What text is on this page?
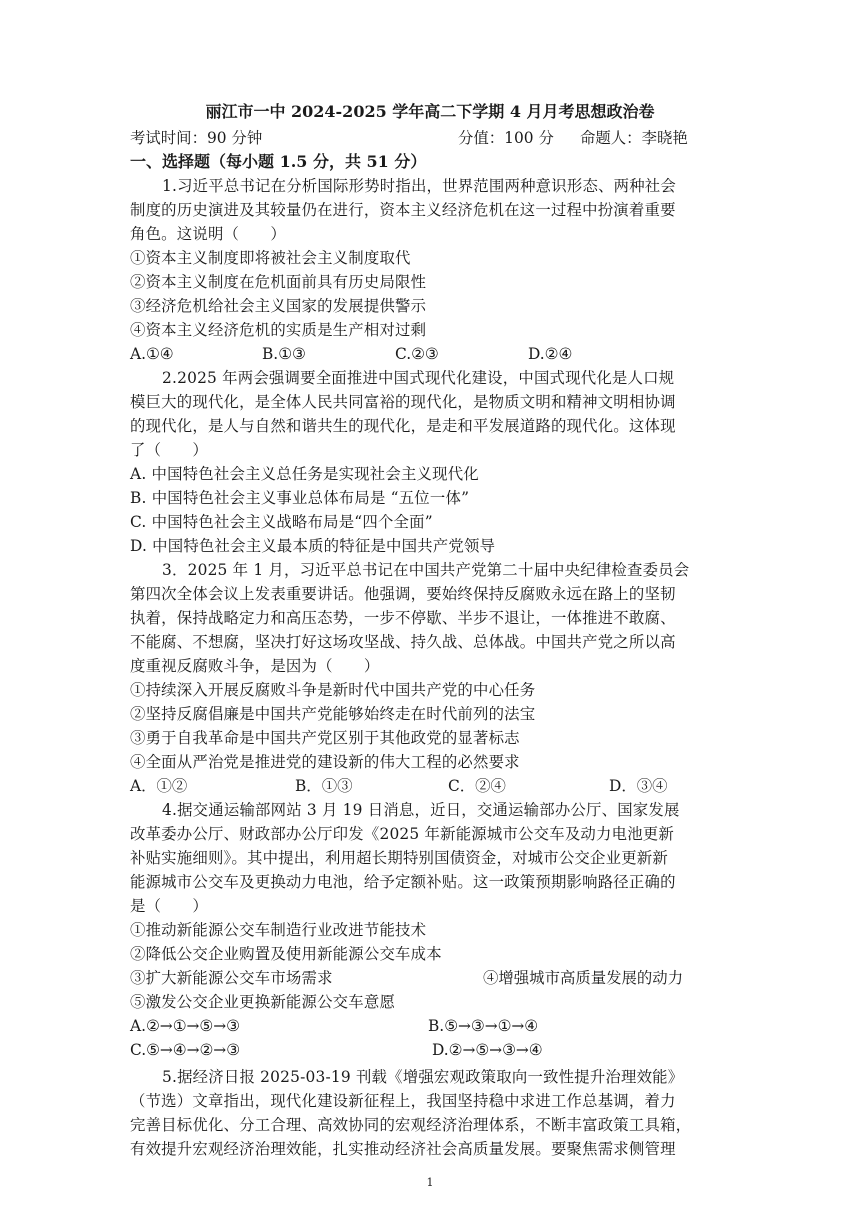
丽江市一中 2024-2025 学年高二下学期 4 月月考思想政治卷
考试时间：90 分钟	分值：100 分 命题人：李晓艳
一、选择题（每小题 1.5 分，共 51 分）
1.习近平总书记在分析国际形势时指出，世界范围两种意识形态、两种社会
制度的历史演进及其较量仍在进行，资本主义经济危机在这一过程中扮演着重要
角色。这说明（　　）
①资本主义制度即将被社会主义制度取代
②资本主义制度在危机面前具有历史局限性
③经济危机给社会主义国家的发展提供警示
④资本主义经济危机的实质是生产相对过剩
A.①④	B.①③	C.②③	D.②④
2.2025 年两会强调要全面推进中国式现代化建设，中国式现代化是人口规
模巨大的现代化，是全体人民共同富裕的现代化，是物质文明和精神文明相协调
的现代化，是人与自然和谐共生的现代化，是走和平发展道路的现代化。这体现
了（　　）
A. 中国特色社会主义总任务是实现社会主义现代化
B. 中国特色社会主义事业总体布局是 “五位一体”
C. 中国特色社会主义战略布局是“四个全面”
D. 中国特色社会主义最本质的特征是中国共产党领导
3．2025 年 1 月，习近平总书记在中国共产党第二十届中央纪律检查委员会
第四次全体会议上发表重要讲话。他强调，要始终保持反腐败永远在路上的坚韧
执着，保持战略定力和高压态势，一步不停歇、半步不退让，一体推进不敢腐、
不能腐、不想腐，坚决打好这场攻坚战、持久战、总体战。中国共产党之所以高
度重视反腐败斗争，是因为（　　）
①持续深入开展反腐败斗争是新时代中国共产党的中心任务
②坚持反腐倡廉是中国共产党能够始终走在时代前列的法宝
③勇于自我革命是中国共产党区别于其他政党的显著标志
④全面从严治党是推进党的建设新的伟大工程的必然要求
A．①②	B．①③	C．②④	D．③④
4.据交通运输部网站 3 月 19 日消息，近日，交通运输部办公厅、国家发展
改革委办公厅、财政部办公厅印发《2025 年新能源城市公交车及动力电池更新
补贴实施细则》。其中提出，利用超长期特别国债资金，对城市公交企业更新新
能源城市公交车及更换动力电池，给予定额补贴。这一政策预期影响路径正确的
是（　　）
①推动新能源公交车制造行业改进节能技术
②降低公交企业购置及使用新能源公交车成本
③扩大新能源公交车市场需求	④增强城市高质量发展的动力
⑤激发公交企业更换新能源公交车意愿
A.②→①→⑤→③	B.⑤→③→①→④
C.⑤→④→②→③	D.②→⑤→③→④
5.据经济日报 2025-03-19 刊载《增强宏观政策取向一致性提升治理效能》
（节选）文章指出，现代化建设新征程上，我国坚持稳中求进工作总基调，着力
1
完善目标优化、分工合理、高效协同的宏观经济治理体系，不断丰富政策工具箱，
有效提升宏观经济治理效能，扎实推动经济社会高质量发展。要聚焦需求侧管理
